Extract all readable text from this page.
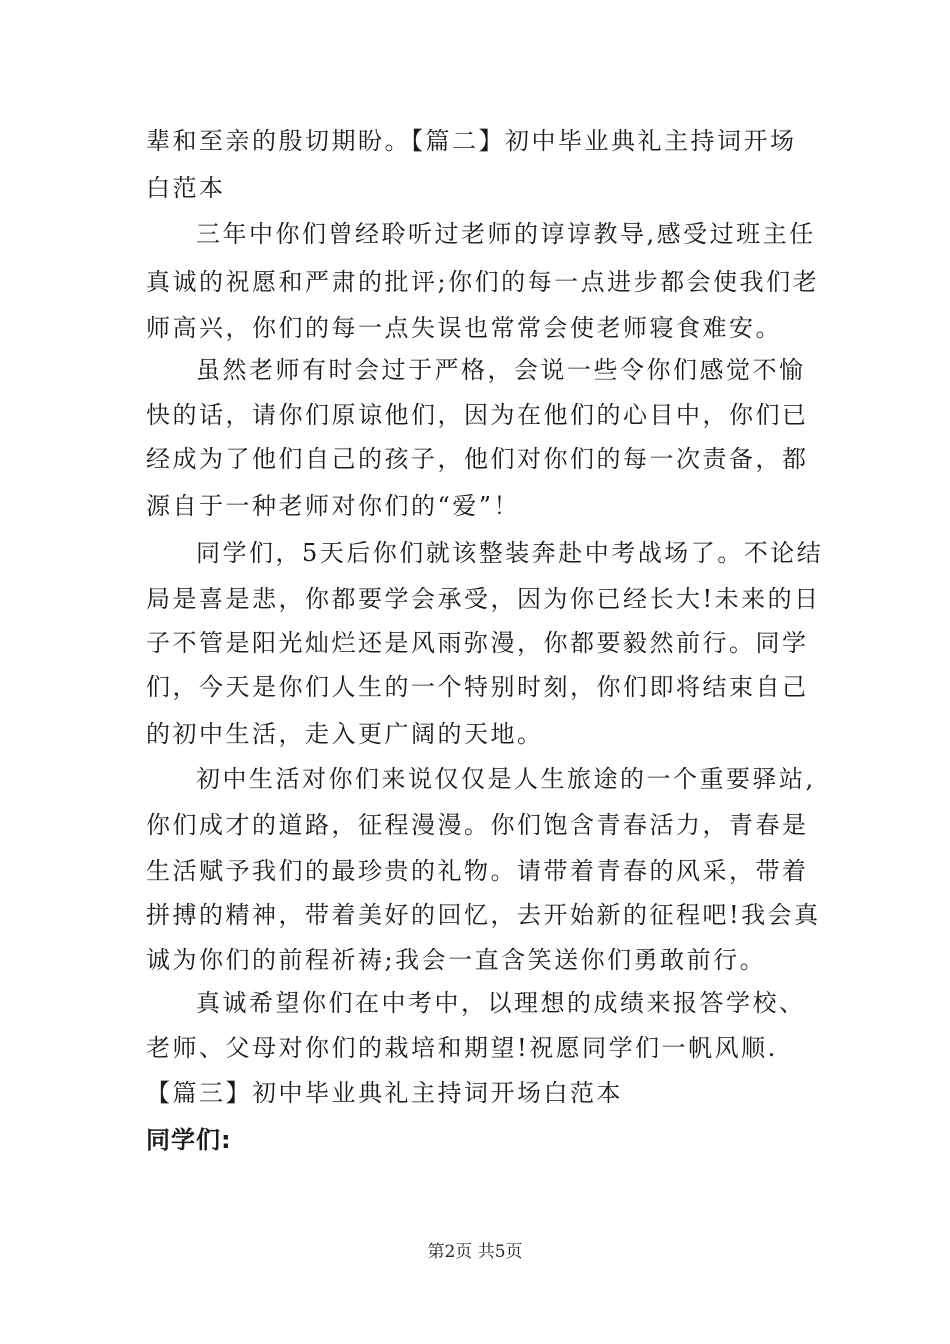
辈和至亲的殷切期盼。【篇二】初中毕业典礼主持词开场
白范本
三年中你们曾经聆听过老师的谆谆教导,感受过班主任
真诚的祝愿和严肃的批评;你们的每一点进步都会使我们老
师高兴，你们的每一点失误也常常会使老师寝食难安。
虽然老师有时会过于严格，会说一些令你们感觉不愉
快的话，请你们原谅他们，因为在他们的心目中，你们已
经成为了他们自己的孩子，他们对你们的每一次责备，都
源自于一种老师对你们的“爱”！
同学们，5天后你们就该整装奔赴中考战场了。不论结
局是喜是悲，你都要学会承受，因为你已经长大!未来的日
子不管是阳光灿烂还是风雨弥漫，你都要毅然前行。同学
们，今天是你们人生的一个特别时刻，你们即将结束自己
的初中生活，走入更广阔的天地。
初中生活对你们来说仅仅是人生旅途的一个重要驿站,
你们成才的道路，征程漫漫。你们饱含青春活力，青春是
生活赋予我们的最珍贵的礼物。请带着青春的风采，带着
拼搏的精神，带着美好的回忆，去开始新的征程吧!我会真
诚为你们的前程祈祷;我会一直含笑送你们勇敢前行。
真诚希望你们在中考中，以理想的成绩来报答学校、
老师、父母对你们的栽培和期望!祝愿同学们一帆风顺.
【篇三】初中毕业典礼主持词开场白范本
同学们:
第2页 共5页
